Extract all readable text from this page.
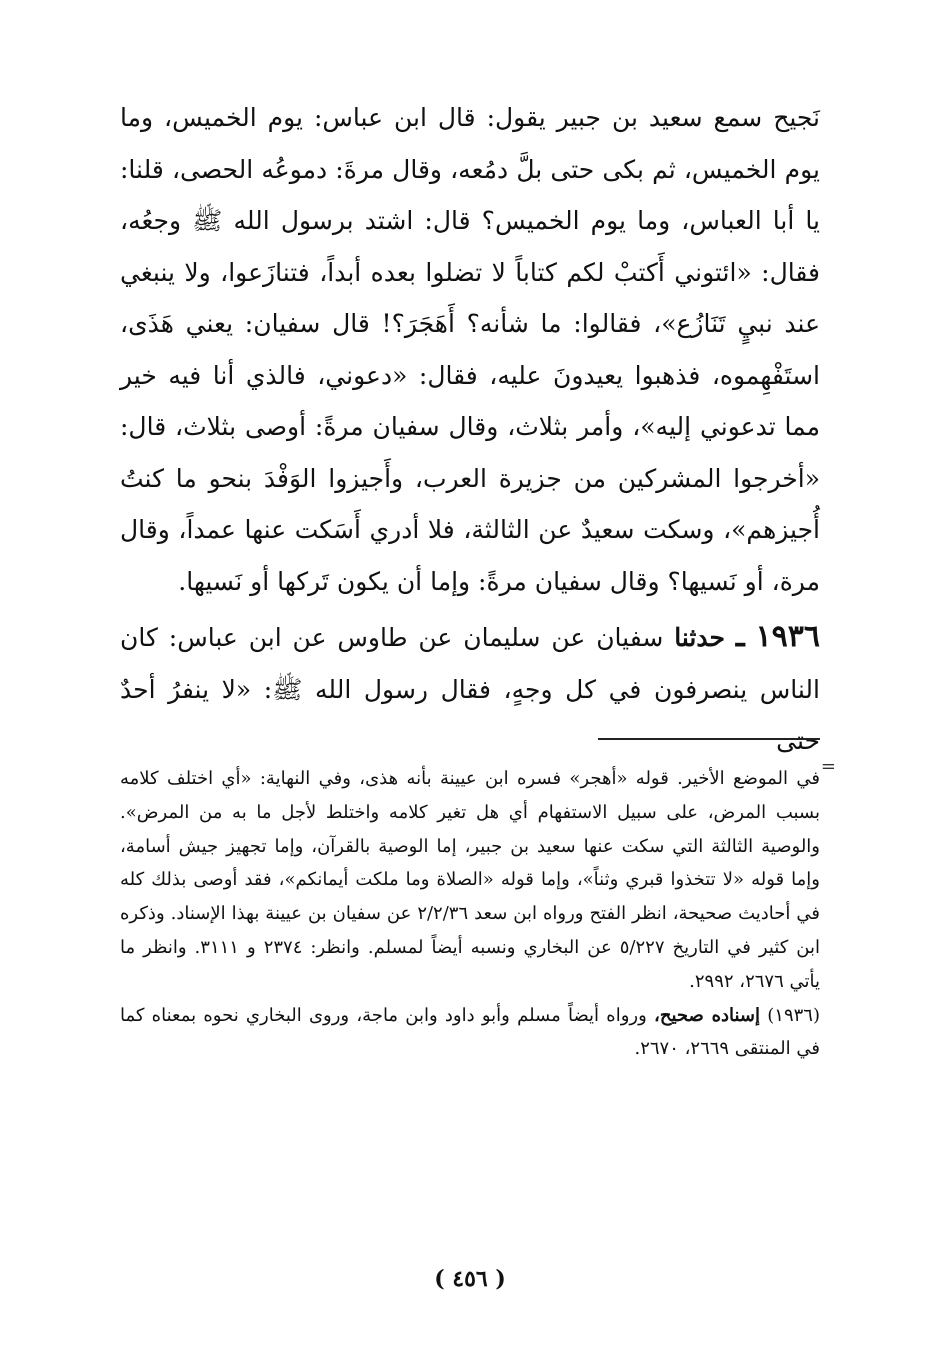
نَجيح سمع سعيد بن جبير يقول: قال ابن عباس: يوم الخميس، وما يوم الخميس، ثم بكى حتى بلَّ دمُعه، وقال مرةَ: دموعُه الحصى، قلنا: يا أبا العباس، وما يوم الخميس؟ قال: اشتد برسول الله ﷺ وجعُه، فقال: «ائتوني أَكتبْ لكم كتاباً لا تضلوا بعده أبداً، فتنازَعوا، ولا ينبغي عند نبيٍ تَنَازُع»، فقالوا: ما شأنه؟ أَهَجَرَ؟! قال سفيان: يعني هَذَى، استَفْهِموه، فذهبوا يعيدونَ عليه، فقال: «دعوني، فالذي أنا فيه خير مما تدعوني إليه»، وأمر بثلاث، وقال سفيان مرةً: أوصى بثلاث، قال: «أخرجوا المشركين من جزيرة العرب، وأَجيزوا الوَفْدَ بنحو ما كنتُ أُجيزهم»، وسكت سعيدٌ عن الثالثة، فلا أدري أَسَكت عنها عمداً، وقال مرة، أو نَسيها؟ وقال سفيان مرةً: وإما أن يكون تَركها أو نَسيها.

١٩٣٦ ـ حدثنا سفيان عن سليمان عن طاوس عن ابن عباس: كان الناس ينصرفون في كل وجهٍ، فقال رسول الله ﷺ: «لا ينفرُ أحدٌ حتى

=

في الموضع الأخير. قوله «أهجر» فسره ابن عيينة بأنه هذى، وفي النهاية: «أي اختلف كلامه بسبب المرض، على سبيل الاستفهام أي هل تغير كلامه واختلط لأجل ما به من المرض». والوصية الثالثة التي سكت عنها سعيد بن جبير، إما الوصية بالقرآن، وإما تجهيز جيش أسامة، وإما قوله «لا تتخذوا قبري وثناً»، وإما قوله «الصلاة وما ملكت أيمانكم»، فقد أوصى بذلك كله في أحاديث صحيحة، انظر الفتح ورواه ابن سعد ٢/٢/٣٦ عن سفيان بن عيينة بهذا الإسناد. وذكره ابن كثير في التاريخ ٥/٢٢٧ عن البخاري ونسبه أيضاً لمسلم. وانظر: ٢٣٧٤ و ٣١١١. وانظر ما يأتي ٢٦٧٦، ٢٩٩٢.

(١٩٣٦) إسناده صحيح، ورواه أيضاً مسلم وأبو داود وابن ماجة، وروى البخاري نحوه بمعناه كما في المنتقى ٢٦٦٩، ٢٦٧٠.

( ٤٥٦ )
